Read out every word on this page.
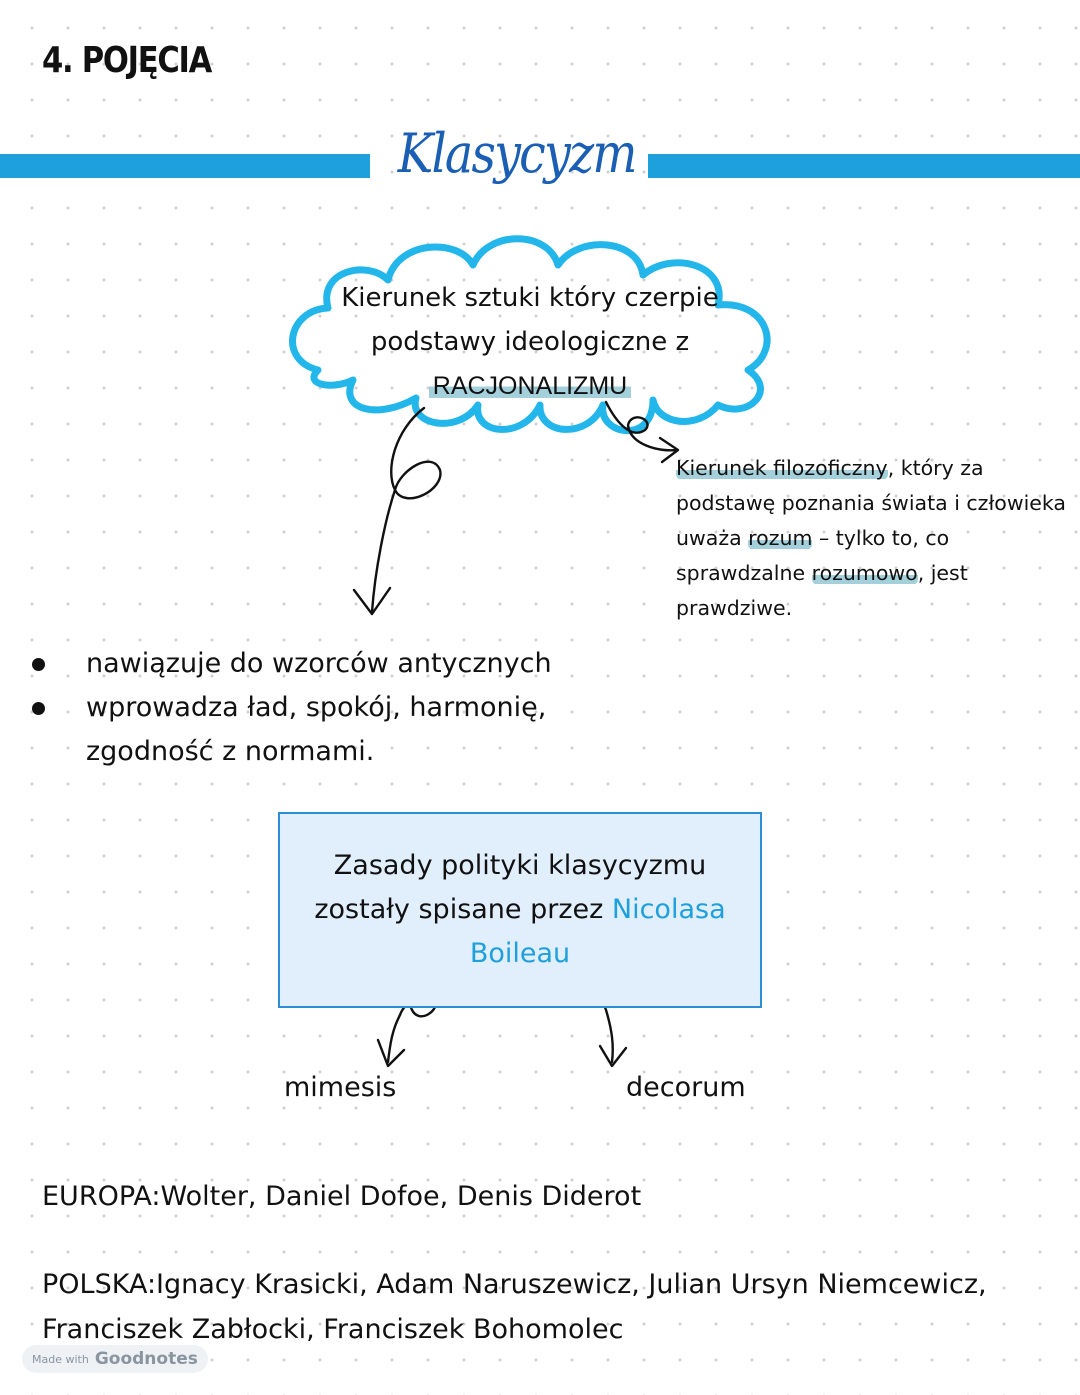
4. POJĘCIA
Klasycyzm
Kierunek sztuki który czerpie
podstawy ideologiczne z
RACJONALIZMU
Kierunek filozoficzny, który za podstawę poznania świata i człowieka uważa rozum – tylko to, co sprawdzalne rozumowo, jest prawdziwe.
nawiązuje do wzorców antycznych
wprowadza ład, spokój, harmonię, zgodność z normami.
Zasady polityki klasycyzmu zostały spisane przez Nicolasa Boileau
mimesis	decorum

EUROPA:Wolter, Daniel Dofoe, Denis Diderot

POLSKA:Ignacy Krasicki, Adam Naruszewicz, Julian Ursyn Niemcewicz, Franciszek Zabłocki, Franciszek Bohomolec

Made with Goodnotes
